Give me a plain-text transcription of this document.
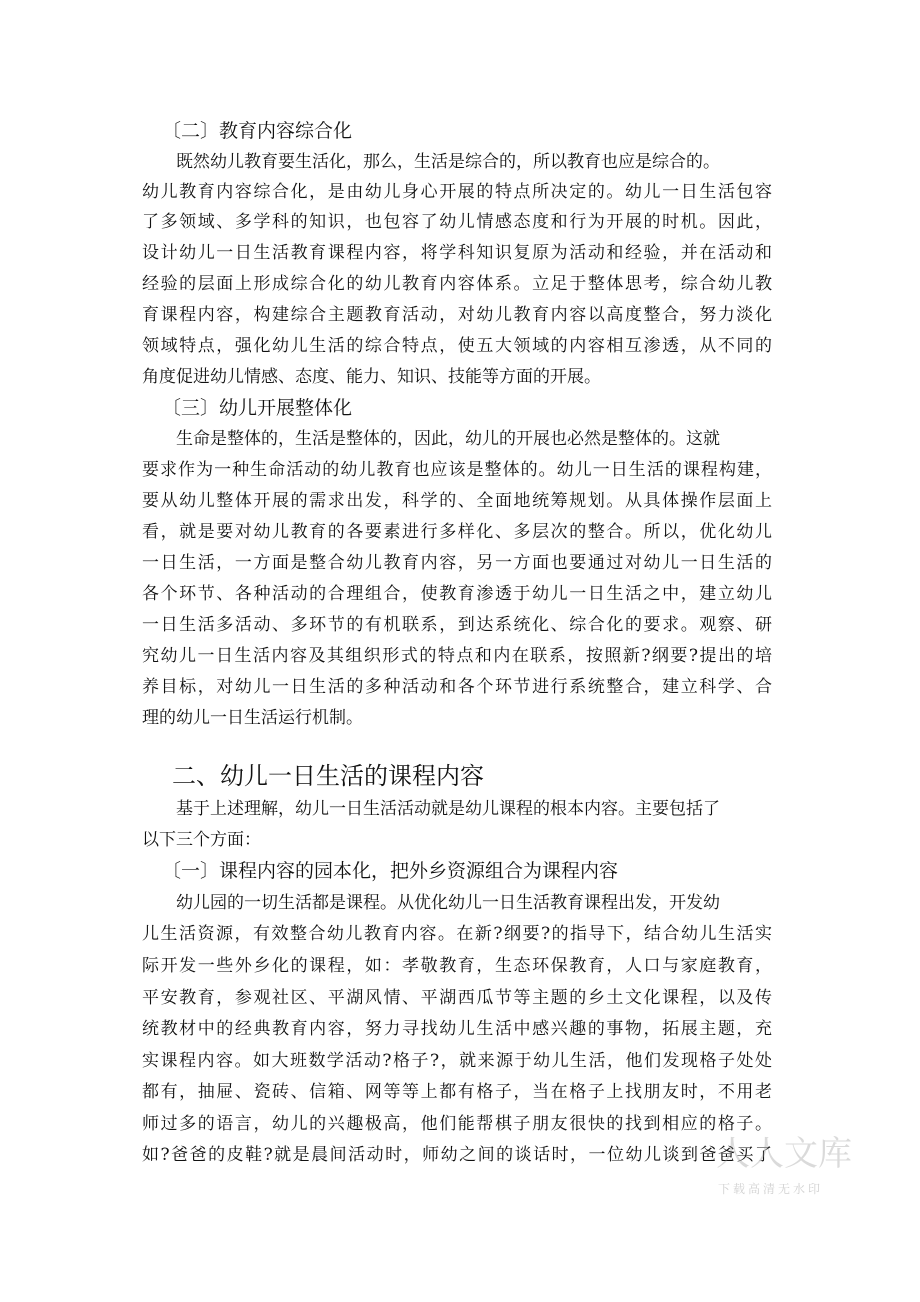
〔二〕教育内容综合化
既然幼儿教育要生活化，那么，生活是综合的，所以教育也应是综合的。
幼儿教育内容综合化，是由幼儿身心开展的特点所决定的。幼儿一日生活包容
了多领域、多学科的知识，也包容了幼儿情感态度和行为开展的时机。因此，
设计幼儿一日生活教育课程内容，将学科知识复原为活动和经验，并在活动和
经验的层面上形成综合化的幼儿教育内容体系。立足于整体思考，综合幼儿教
育课程内容，构建综合主题教育活动，对幼儿教育内容以高度整合，努力淡化
领域特点，强化幼儿生活的综合特点，使五大领域的内容相互渗透，从不同的
角度促进幼儿情感、态度、能力、知识、技能等方面的开展。
〔三〕幼儿开展整体化
生命是整体的，生活是整体的，因此，幼儿的开展也必然是整体的。这就
要求作为一种生命活动的幼儿教育也应该是整体的。幼儿一日生活的课程构建，
要从幼儿整体开展的需求出发，科学的、全面地统筹规划。从具体操作层面上
看，就是要对幼儿教育的各要素进行多样化、多层次的整合。所以，优化幼儿
一日生活，一方面是整合幼儿教育内容，另一方面也要通过对幼儿一日生活的
各个环节、各种活动的合理组合，使教育渗透于幼儿一日生活之中，建立幼儿
一日生活多活动、多环节的有机联系，到达系统化、综合化的要求。观察、研
究幼儿一日生活内容及其组织形式的特点和内在联系，按照新?纲要?提出的培
养目标，对幼儿一日生活的多种活动和各个环节进行系统整合，建立科学、合
理的幼儿一日生活运行机制。
二、幼儿一日生活的课程内容
基于上述理解，幼儿一日生活活动就是幼儿课程的根本内容。主要包括了
以下三个方面：
〔一〕课程内容的园本化，把外乡资源组合为课程内容
幼儿园的一切生活都是课程。从优化幼儿一日生活教育课程出发，开发幼
儿生活资源，有效整合幼儿教育内容。在新?纲要?的指导下，结合幼儿生活实
际开发一些外乡化的课程，如：孝敬教育，生态环保教育，人口与家庭教育，
平安教育，参观社区、平湖风情、平湖西瓜节等主题的乡土文化课程，以及传
统教材中的经典教育内容，努力寻找幼儿生活中感兴趣的事物，拓展主题，充
实课程内容。如大班数学活动?格子?，就来源于幼儿生活，他们发现格子处处
都有，抽屉、瓷砖、信箱、网等等上都有格子，当在格子上找朋友时，不用老
师过多的语言，幼儿的兴趣极高，他们能帮棋子朋友很快的找到相应的格子。
如?爸爸的皮鞋?就是晨间活动时，师幼之间的谈话时，一位幼儿谈到爸爸买了
人人文库
下载高清无水印
